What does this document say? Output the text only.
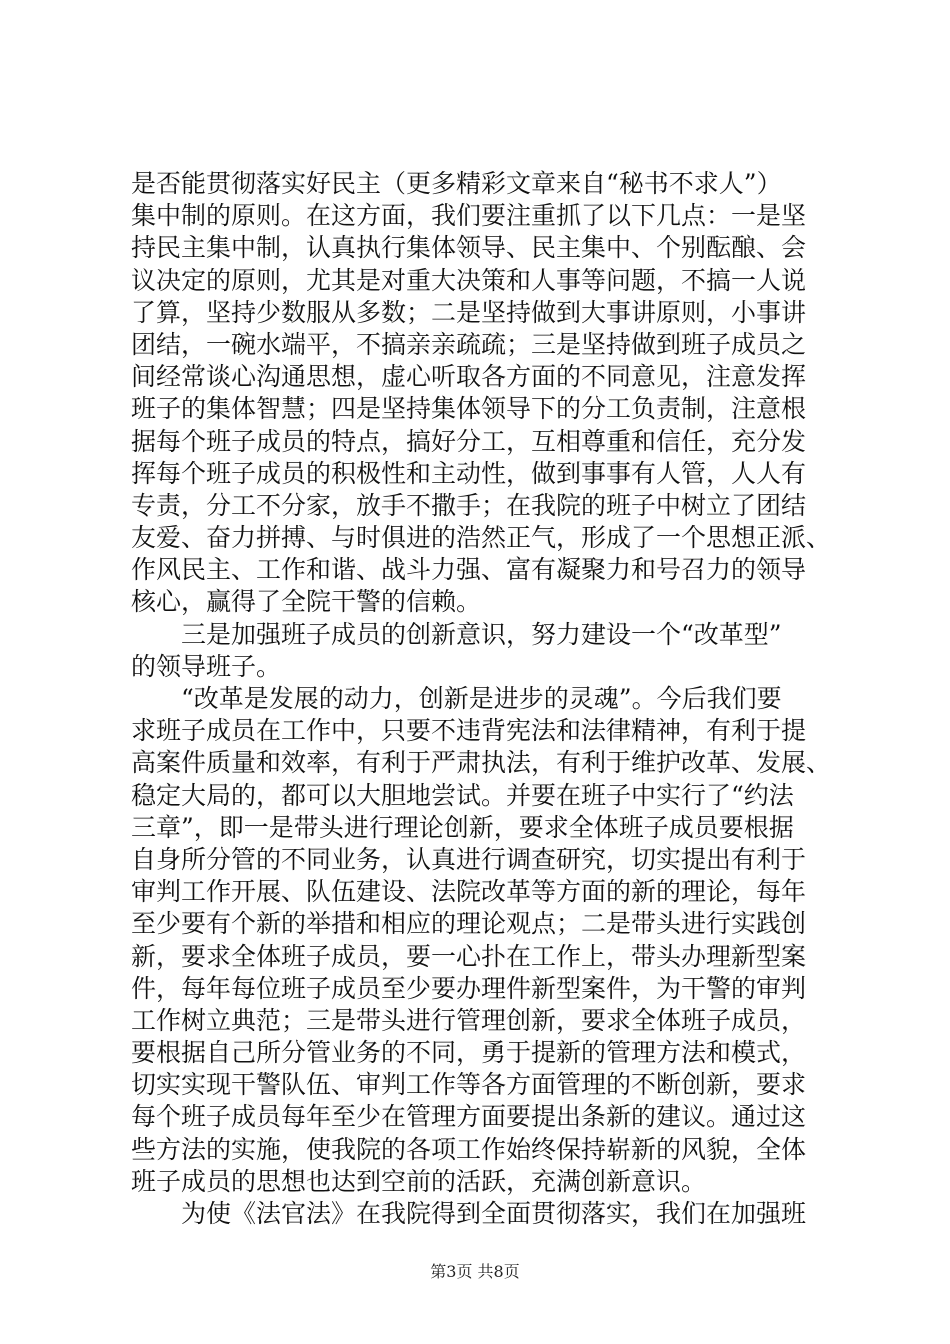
是否能贯彻落实好民主（更多精彩文章来自“秘书不求人”）
集中制的原则。在这方面，我们要注重抓了以下几点：一是坚
持民主集中制，认真执行集体领导、民主集中、个别酝酿、会
议决定的原则，尤其是对重大决策和人事等问题，不搞一人说
了算，坚持少数服从多数；二是坚持做到大事讲原则，小事讲
团结，一碗水端平，不搞亲亲疏疏；三是坚持做到班子成员之
间经常谈心沟通思想，虚心听取各方面的不同意见，注意发挥
班子的集体智慧；四是坚持集体领导下的分工负责制，注意根
据每个班子成员的特点，搞好分工，互相尊重和信任，充分发
挥每个班子成员的积极性和主动性，做到事事有人管，人人有
专责，分工不分家，放手不撒手；在我院的班子中树立了团结
友爱、奋力拼搏、与时俱进的浩然正气，形成了一个思想正派、
作风民主、工作和谐、战斗力强、富有凝聚力和号召力的领导
核心，赢得了全院干警的信赖。
　　三是加强班子成员的创新意识，努力建设一个“改革型”
的领导班子。
　　“改革是发展的动力，创新是进步的灵魂”。今后我们要
求班子成员在工作中，只要不违背宪法和法律精神，有利于提
高案件质量和效率，有利于严肃执法，有利于维护改革、发展、
稳定大局的，都可以大胆地尝试。并要在班子中实行了“约法
三章”，即一是带头进行理论创新，要求全体班子成员要根据
自身所分管的不同业务，认真进行调查研究，切实提出有利于
审判工作开展、队伍建设、法院改革等方面的新的理论，每年
至少要有个新的举措和相应的理论观点；二是带头进行实践创
新，要求全体班子成员，要一心扑在工作上，带头办理新型案
件，每年每位班子成员至少要办理件新型案件，为干警的审判
工作树立典范；三是带头进行管理创新，要求全体班子成员，
要根据自己所分管业务的不同，勇于提新的管理方法和模式，
切实实现干警队伍、审判工作等各方面管理的不断创新，要求
每个班子成员每年至少在管理方面要提出条新的建议。通过这
些方法的实施，使我院的各项工作始终保持崭新的风貌，全体
班子成员的思想也达到空前的活跃，充满创新意识。
　　为使《法官法》在我院得到全面贯彻落实，我们在加强班
第3页 共8页
